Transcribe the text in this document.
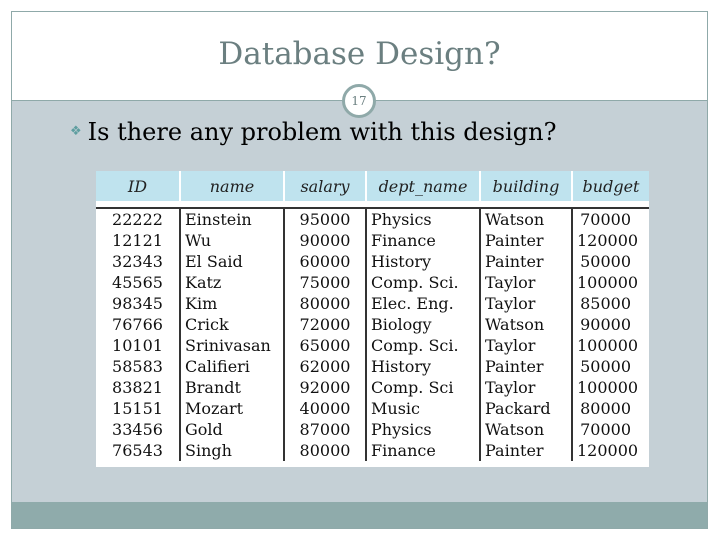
Database Design?
17
❖ Is there any problem with this design?
ID	name	salary	dept_name	building	budget

22222	Einstein	95000	Physics	Watson	70000
12121	Wu	90000	Finance	Painter	120000
32343	El Said	60000	History	Painter	50000
45565	Katz	75000	Comp. Sci.	Taylor	100000
98345	Kim	80000	Elec. Eng.	Taylor	85000
76766	Crick	72000	Biology	Watson	90000
10101	Srinivasan	65000	Comp. Sci.	Taylor	100000
58583	Califieri	62000	History	Painter	50000
83821	Brandt	92000	Comp. Sci	Taylor	100000
15151	Mozart	40000	Music	Packard	80000
33456	Gold	87000	Physics	Watson	70000
76543	Singh	80000	Finance	Painter	120000
